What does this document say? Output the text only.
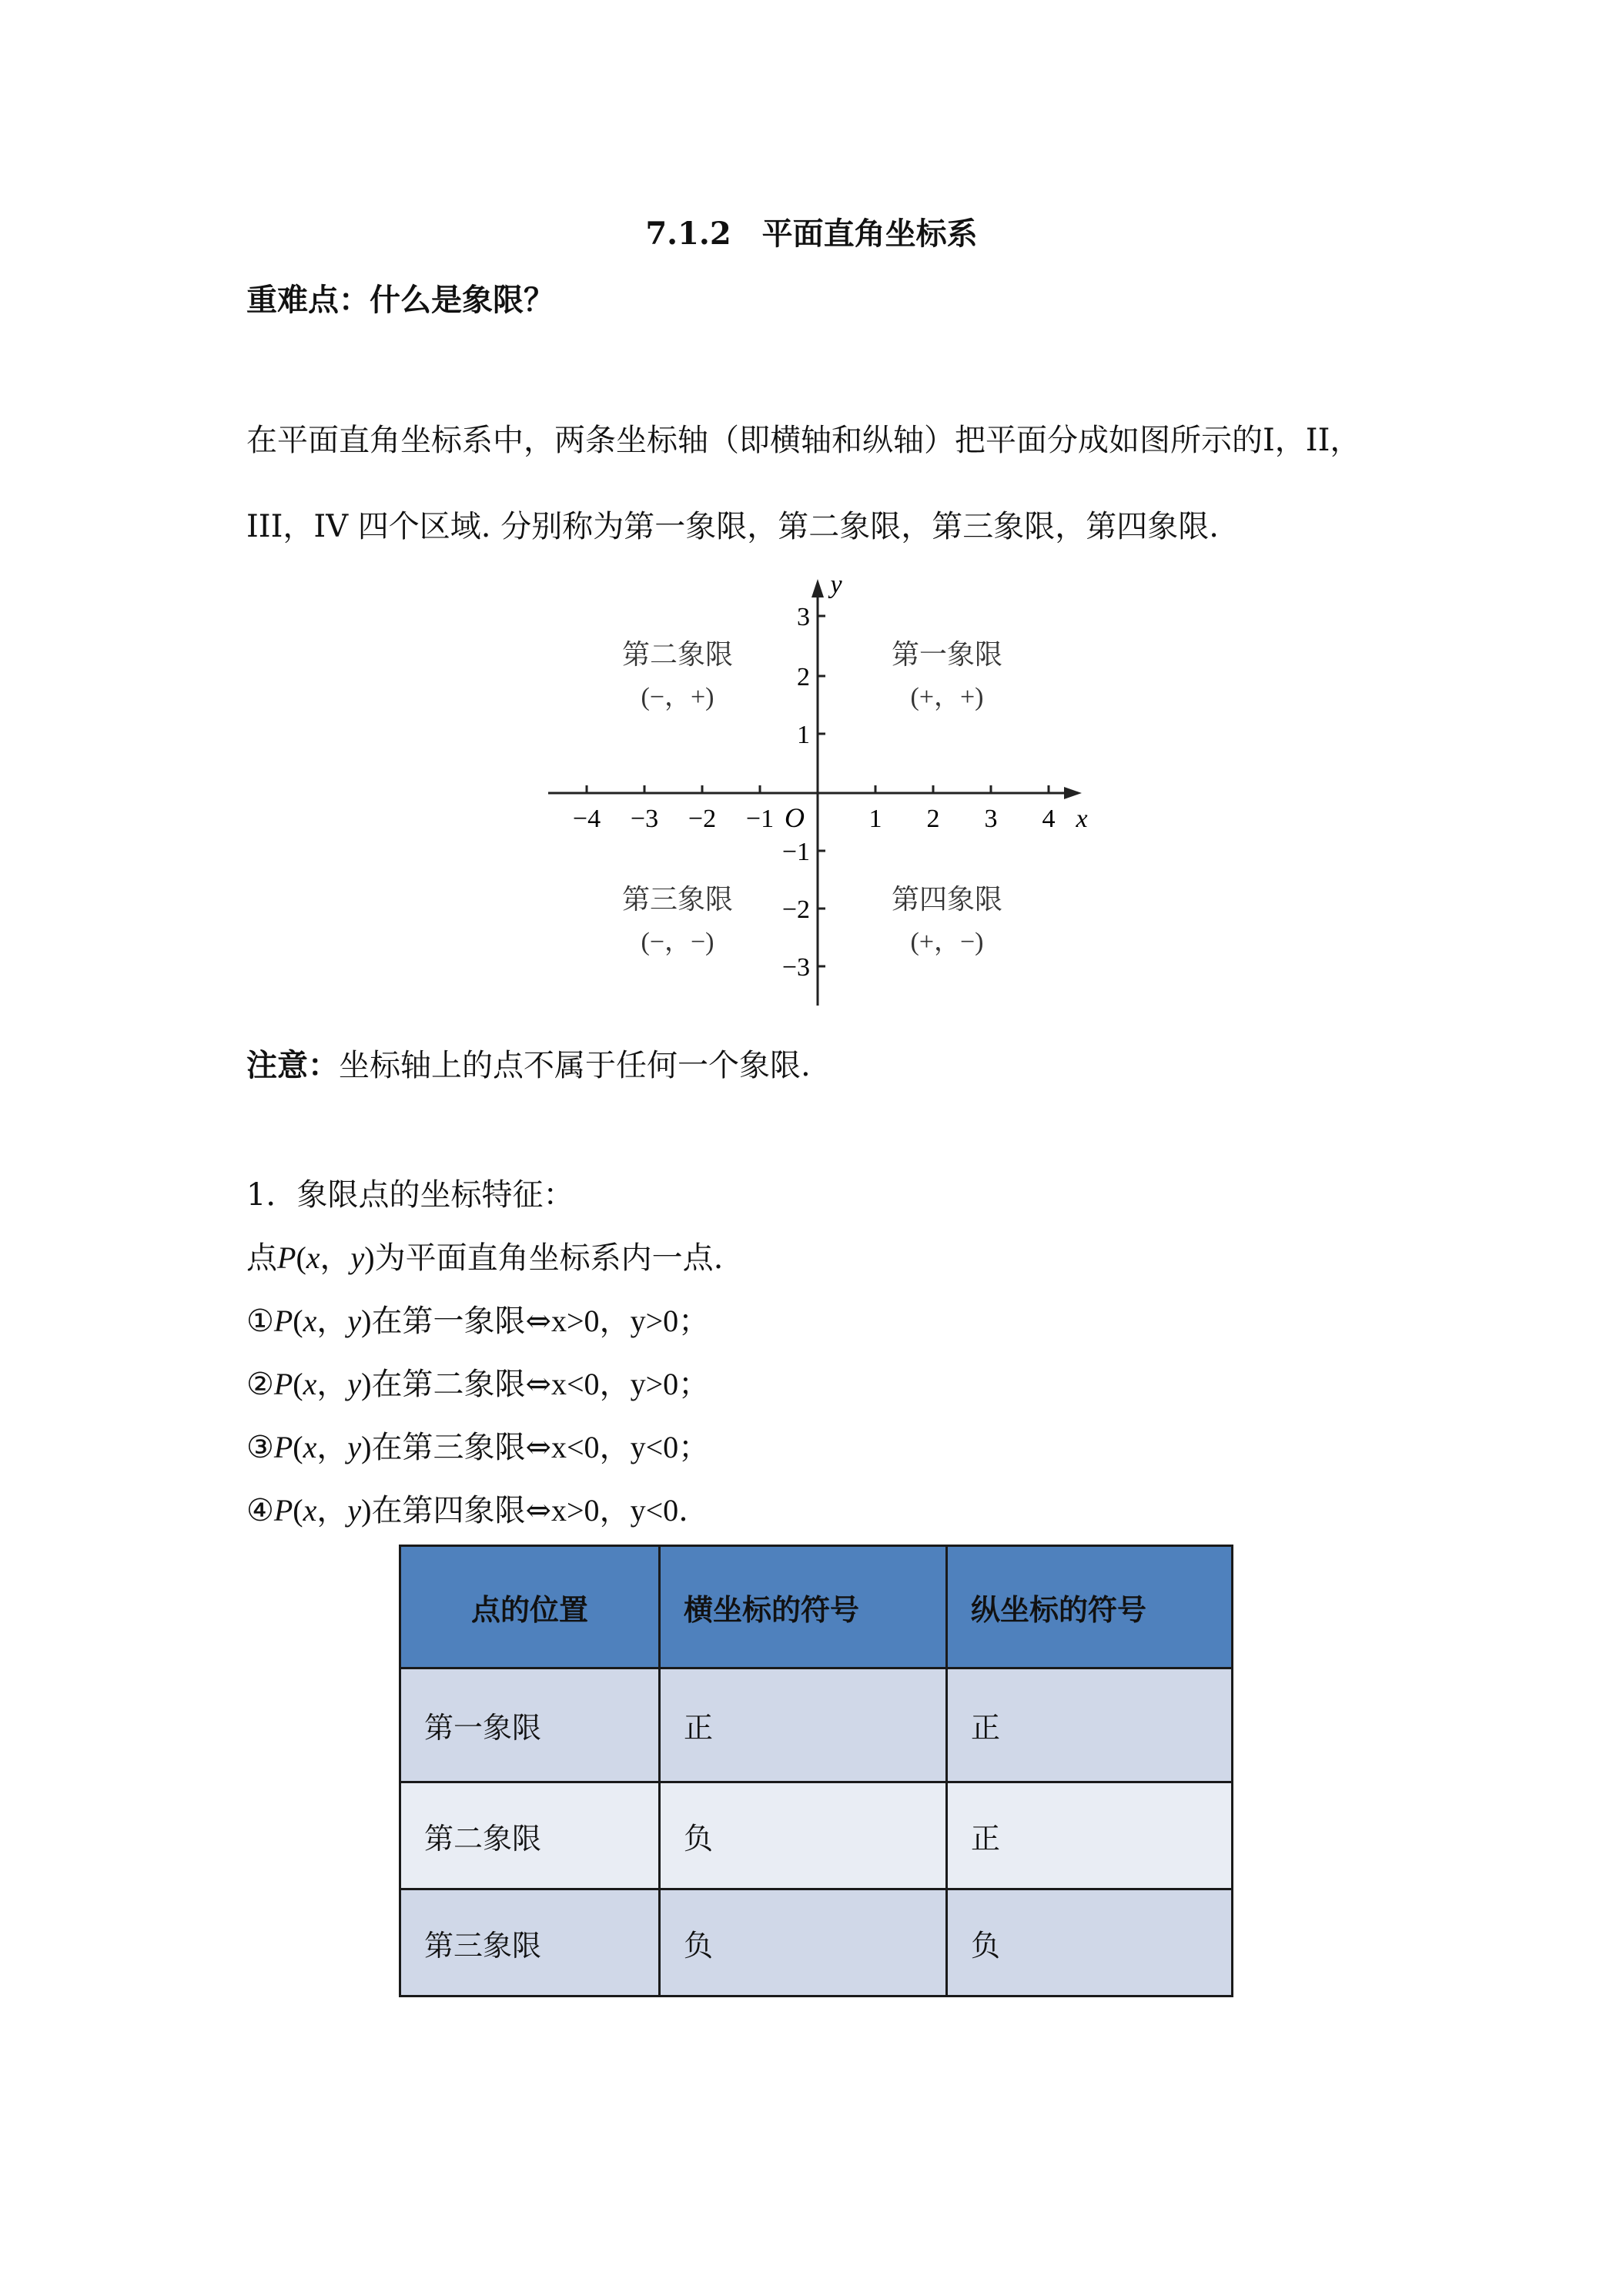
7.1.2　平面直角坐标系
重难点：什么是象限？
在平面直角坐标系中，两条坐标轴（即横轴和纵轴）把平面分成如图所示的I，II，
III，IV 四个区域. 分别称为第一象限，第二象限，第三象限，第四象限.
−4 −3 −2 −1	1 2 3 4
O	x
y
3
2
1
−1
−2
−3
第二象限
(−，+)
第一象限
(+，+)
第三象限
(−，−)
第四象限
(+，−)
注意：坐标轴上的点不属于任何一个象限.
1．象限点的坐标特征：
点P(x，y)为平面直角坐标系内一点.
①P(x，y)在第一象限⇔x>0，y>0；
②P(x，y)在第二象限⇔x<0，y>0；
③P(x，y)在第三象限⇔x<0，y<0；
④P(x，y)在第四象限⇔x>0，y<0.
点的位置	横坐标的符号	纵坐标的符号
第一象限	正	正
第二象限	负	正
第三象限	负	负
